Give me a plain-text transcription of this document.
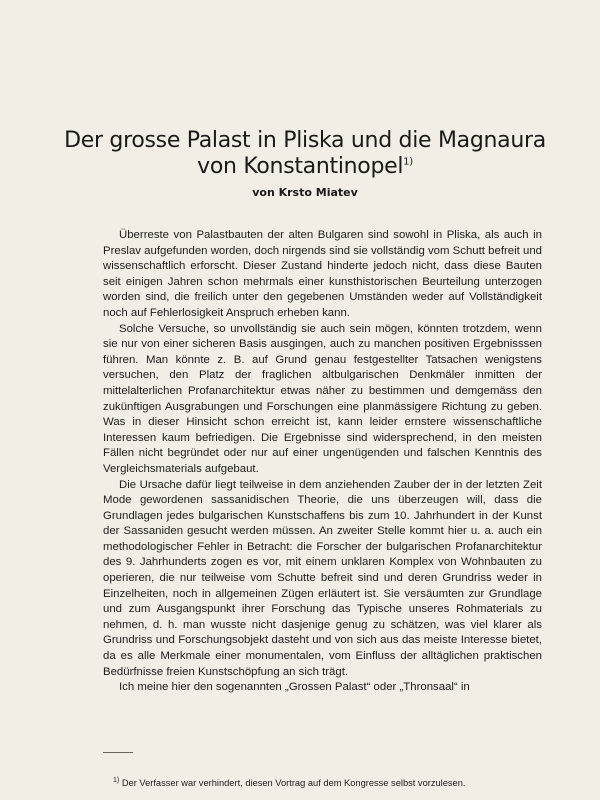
Der grosse Palast in Pliska und die Magnaura
von Konstantinopel$^{1)}$
von Krsto Miatev

Überreste von Palastbauten der alten Bulgaren sind sowohl in Pliska, als auch in Preslav aufgefunden worden, doch nirgends sind sie vollständig vom Schutt befreit und wissenschaftlich erforscht. Dieser Zustand hinderte jedoch nicht, dass diese Bauten seit einigen Jahren schon mehrmals einer kunsthistorischen Beurteilung unterzogen worden sind, die freilich unter den gegebenen Umständen weder auf Vollständigkeit noch auf Fehlerlosigkeit Anspruch erheben kann.

Solche Versuche, so unvollständig sie auch sein mögen, könnten trotzdem, wenn sie nur von einer sicheren Basis ausgingen, auch zu manchen positiven Ergebnisssen führen. Man könnte z. B. auf Grund genau festgestellter Tatsachen wenigstens versuchen, den Platz der fraglichen altbulgarischen Denkmäler inmitten der mittelalterlichen Profanarchitektur etwas näher zu bestimmen und demgemäss den zukünftigen Ausgrabungen und Forschungen eine planmässigere Richtung zu geben. Was in dieser Hinsicht schon erreicht ist, kann leider ernstere wissenschaftliche Interessen kaum befriedigen. Die Ergebnisse sind widersprechend, in den meisten Fällen nicht begründet oder nur auf einer ungenügenden und falschen Kenntnis des Vergleichsmaterials aufgebaut.

Die Ursache dafür liegt teilweise in dem anziehenden Zauber der in der letzten Zeit Mode gewordenen sassanidischen Theorie, die uns überzeugen will, dass die Grundlagen jedes bulgarischen Kunstschaffens bis zum 10. Jahrhundert in der Kunst der Sassaniden gesucht werden müssen. An zweiter Stelle kommt hier u. a. auch ein methodologischer Fehler in Betracht: die Forscher der bulgarischen Profanarchitektur des 9. Jahrhunderts zogen es vor, mit einem unklaren Komplex von Wohnbauten zu operieren, die nur teilweise vom Schutte befreit sind und deren Grundriss weder in Einzelheiten, noch in allgemeinen Zügen erläutert ist. Sie versäumten zur Grundlage und zum Ausgangspunkt ihrer Forschung das Typische unseres Rohmaterials zu nehmen, d. h. man wusste nicht dasjenige genug zu schätzen, was viel klarer als Grundriss und Forschungsobjekt dasteht und von sich aus das meiste Interesse bietet, da es alle Merkmale einer monumentalen, vom Einfluss der alltäglichen praktischen Bedürfnisse freien Kunstschöpfung an sich trägt.

Ich meine hier den sogenannten „Grossen Palast“ oder „Thronsaal“ in

$^{1)}$ Der Verfasser war verhindert, diesen Vortrag auf dem Kongresse selbst vorzulesen.
